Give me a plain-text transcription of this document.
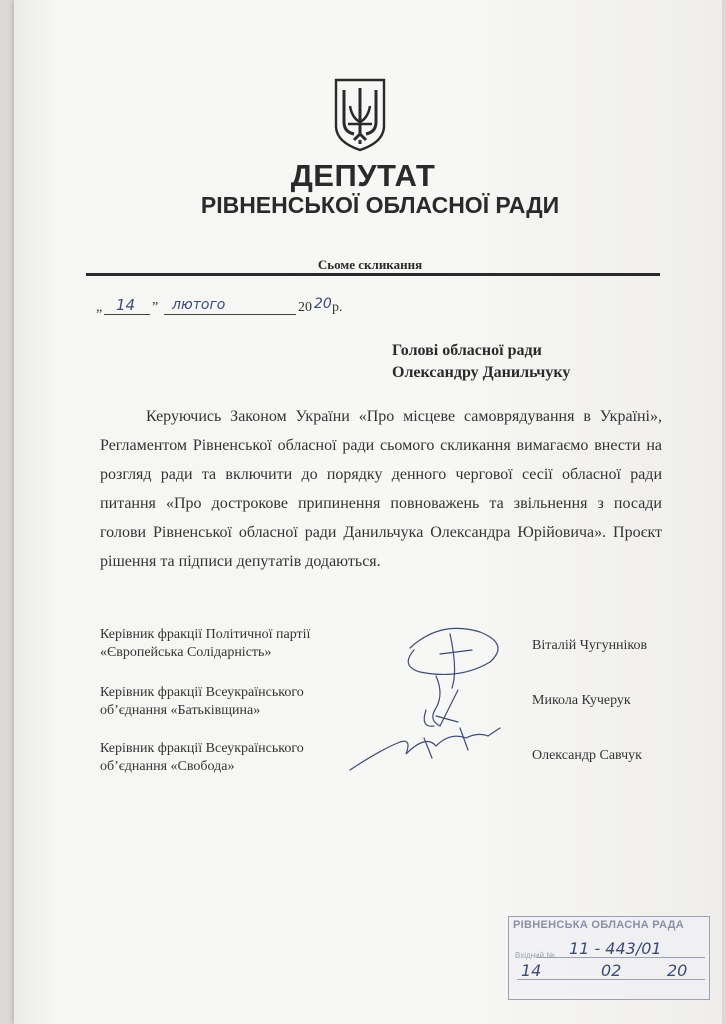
ДЕПУТАТ
РІВНЕНСЬКОЇ ОБЛАСНОЇ РАДИ
Сьоме скликання
„ 14 ” лютого	20 20 р.
Голові обласної ради
Олександру Данильчуку

Керуючись Законом України «Про місцеве самоврядування в Україні», Регламентом Рівненської обласної ради сьомого скликання вимагаємо внести на розгляд ради та включити до порядку денного чергової сесії обласної ради питання «Про дострокове припинення повноважень та звільнення з посади голови Рівненської обласної ради Данильчука Олександра Юрійовича». Проєкт рішення та підписи депутатів додаються.

Керівник фракції Політичної партії
«Європейська Солідарність»	Віталій Чугунніков
Керівник фракції Всеукраїнського
об’єднання «Батьківщина»
Микола Кучерук
Керівник фракції Всеукраїнського
об’єднання «Свобода»
Олександр Савчук
РІВНЕНСЬКА ОБЛАСНА РАДА
Вхідний № 11 - 443/01
14	02	20
